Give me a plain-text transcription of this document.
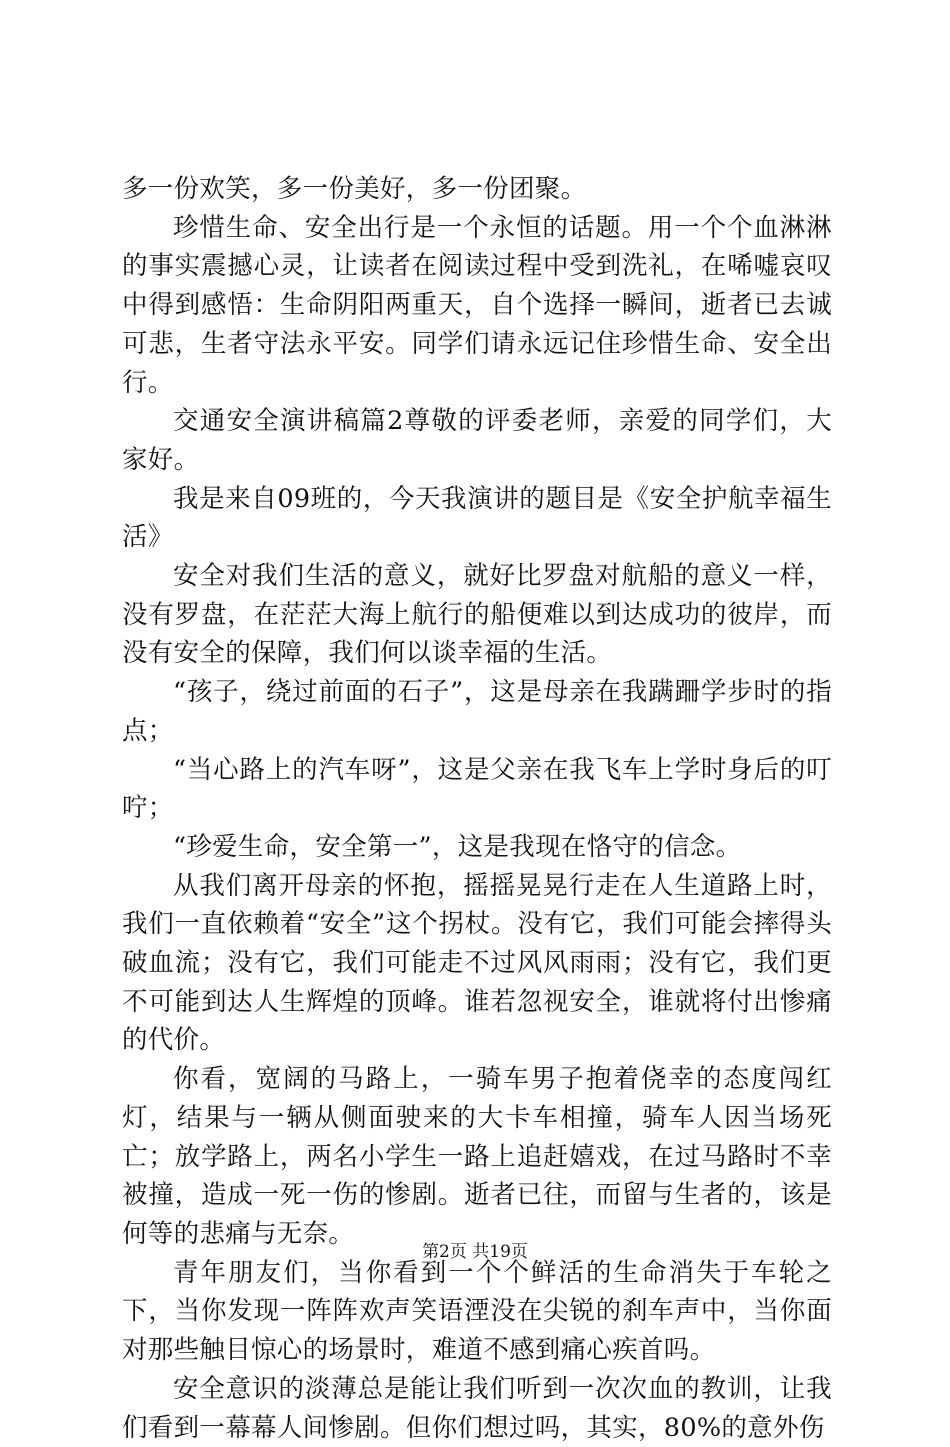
多一份欢笑，多一份美好，多一份团聚。

珍惜生命、安全出行是一个永恒的话题。用一个个血淋淋的事实震撼心灵，让读者在阅读过程中受到洗礼，在唏嘘哀叹中得到感悟：生命阴阳两重天，自个选择一瞬间，逝者已去诚可悲，生者守法永平安。同学们请永远记住珍惜生命、安全出行。

交通安全演讲稿篇2尊敬的评委老师，亲爱的同学们，大家好。

我是来自09班的，今天我演讲的题目是《安全护航幸福生活》

安全对我们生活的意义，就好比罗盘对航船的意义一样，没有罗盘，在茫茫大海上航行的船便难以到达成功的彼岸，而没有安全的保障，我们何以谈幸福的生活。

“孩子，绕过前面的石子”，这是母亲在我蹒跚学步时的指点；

“当心路上的汽车呀”，这是父亲在我飞车上学时身后的叮咛；

“珍爱生命，安全第一”，这是我现在恪守的信念。

从我们离开母亲的怀抱，摇摇晃晃行走在人生道路上时，我们一直依赖着“安全”这个拐杖。没有它，我们可能会摔得头破血流；没有它，我们可能走不过风风雨雨；没有它，我们更不可能到达人生辉煌的顶峰。谁若忽视安全，谁就将付出惨痛的代价。

你看，宽阔的马路上，一骑车男子抱着侥幸的态度闯红灯，结果与一辆从侧面驶来的大卡车相撞，骑车人因当场死亡；放学路上，两名小学生一路上追赶嬉戏，在过马路时不幸被撞，造成一死一伤的惨剧。逝者已往，而留与生者的，该是何等的悲痛与无奈。

青年朋友们，当你看到一个个鲜活的生命消失于车轮之下，当你发现一阵阵欢声笑语湮没在尖锐的刹车声中，当你面对那些触目惊心的场景时，难道不感到痛心疾首吗。

安全意识的淡薄总是能让我们听到一次次血的教训，让我们看到一幕幕人间惨剧。但你们想过吗，其实，80%的意外伤

第2页 共19页
